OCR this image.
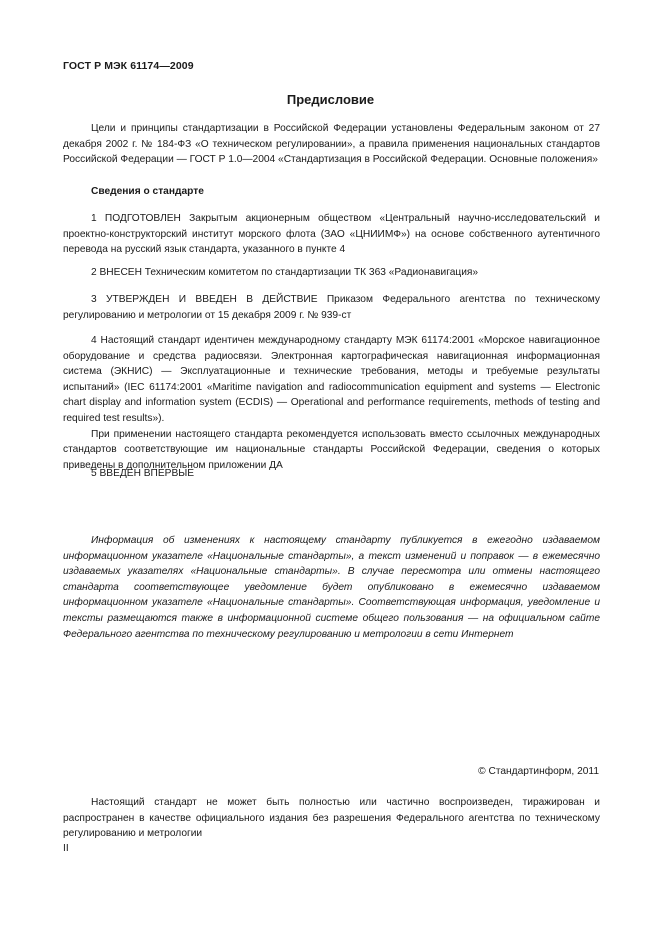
ГОСТ Р МЭК 61174—2009
Предисловие

Цели и принципы стандартизации в Российской Федерации установлены Федеральным законом от 27 декабря 2002 г. № 184-ФЗ «О техническом регулировании», а правила применения национальных стандартов Российской Федерации — ГОСТ Р 1.0—2004 «Стандартизация в Российской Федерации. Основные положения»

Сведения о стандарте

1 ПОДГОТОВЛЕН Закрытым акционерным обществом «Центральный научно-исследовательский и проектно-конструкторский институт морского флота (ЗАО «ЦНИИМФ») на основе собственного аутентичного перевода на русский язык стандарта, указанного в пункте 4

2 ВНЕСЕН Техническим комитетом по стандартизации ТК 363 «Радионавигация»

3 УТВЕРЖДЕН И ВВЕДЕН В ДЕЙСТВИЕ Приказом Федерального агентства по техническому регулированию и метрологии от 15 декабря 2009 г. № 939-ст

4 Настоящий стандарт идентичен международному стандарту МЭК 61174:2001 «Морское навигационное оборудование и средства радиосвязи. Электронная картографическая навигационная информационная система (ЭКНИС) — Эксплуатационные и технические требования, методы и требуемые результаты испытаний» (IEC 61174:2001 «Maritime navigation and radiocommunication equipment and systems — Electronic chart display and information system (ECDIS) — Operational and performance requirements, methods of testing and required test results»).

При применении настоящего стандарта рекомендуется использовать вместо ссылочных международных стандартов соответствующие им национальные стандарты Российской Федерации, сведения о которых приведены в дополнительном приложении ДА

5 ВВЕДЕН ВПЕРВЫЕ

Информация об изменениях к настоящему стандарту публикуется в ежегодно издаваемом информационном указателе «Национальные стандарты», а текст изменений и поправок — в ежемесячно издаваемых указателях «Национальные стандарты». В случае пересмотра или отмены настоящего стандарта соответствующее уведомление будет опубликовано в ежемесячно издаваемом информационном указателе «Национальные стандарты». Соответствующая информация, уведомление и тексты размещаются также в информационной системе общего пользования — на официальном сайте Федерального агентства по техническому регулированию и метрологии в сети Интернет

© Стандартинформ, 2011

Настоящий стандарт не может быть полностью или частично воспроизведен, тиражирован и распространен в качестве официального издания без разрешения Федерального агентства по техническому регулированию и метрологии

II
